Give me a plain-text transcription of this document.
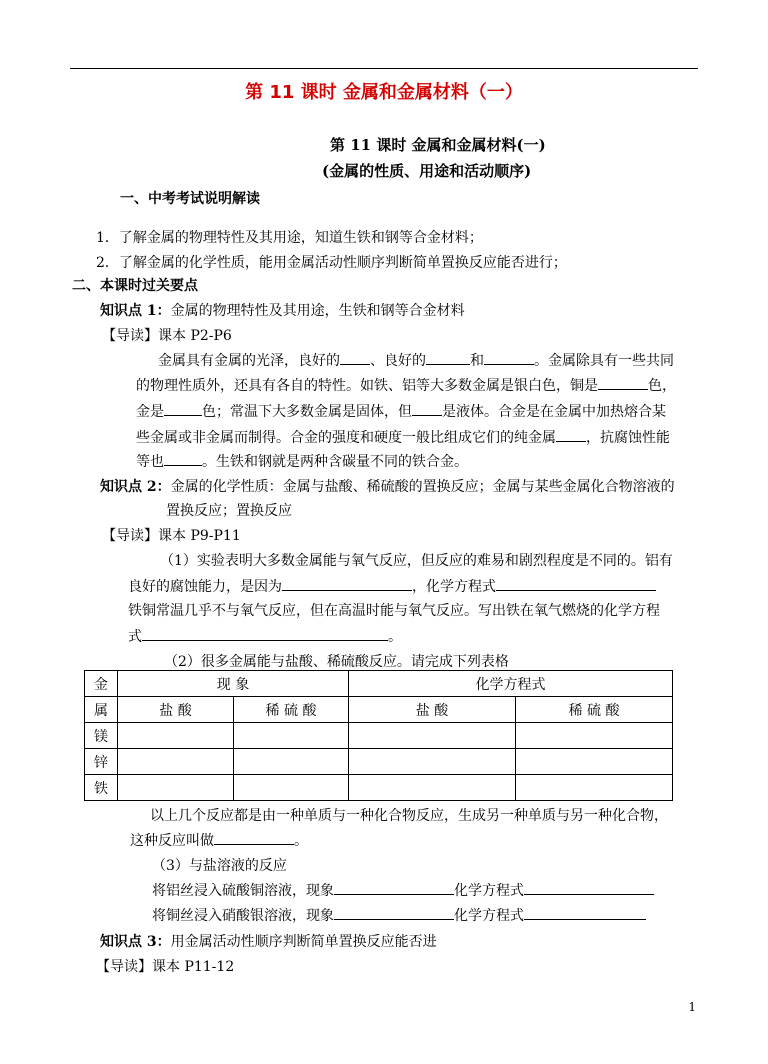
第 11 课时 金属和金属材料（一）
第 11 课时 金属和金属材料(一)
(金属的性质、用途和活动顺序)
一、中考考试说明解读
1．了解金属的物理特性及其用途，知道生铁和钢等合金材料；
2．了解金属的化学性质，能用金属活动性顺序判断简单置换反应能否进行；
二、本课时过关要点
知识点 1：金属的物理特性及其用途，生铁和钢等合金材料
【导读】课本 P2-P6
金属具有金属的光泽，良好的 、良好的	和	。金属除具有一些共同
的物理性质外，还具有各自的特性。如铁、铝等大多数金属是银白色，铜是	色，
金是	色；常温下大多数金属是固体，但 是液体。合金是在金属中加热熔合某
些金属或非金属而制得。合金的强度和硬度一般比组成它们的纯金属 ，抗腐蚀性能
等也	。生铁和钢就是两种含碳量不同的铁合金。
知识点 2：金属的化学性质：金属与盐酸、稀硫酸的置换反应；金属与某些金属化合物溶液的
置换反应；置换反应
【导读】课本 P9-P11
（1）实验表明大多数金属能与氧气反应，但反应的难易和剧烈程度是不同的。铝有
良好的腐蚀能力，是因为	，化学方程式
铁铜常温几乎不与氧气反应，但在高温时能与氧气反应。写出铁在氧气燃烧的化学方程
式	。
（2）很多金属能与盐酸、稀硫酸反应。请完成下列表格
金	现 象		化学方程式	
属	盐 酸	稀 硫 酸	盐 酸	稀 硫 酸
镁				
锌				
铁				
以上几个反应都是由一种单质与一种化合物反应，生成另一种单质与另一种化合物，
这种反应叫做	。
（3）与盐溶液的反应
将铝丝浸入硫酸铜溶液，现象	化学方程式
将铜丝浸入硝酸银溶液，现象	化学方程式
知识点 3：用金属活动性顺序判断简单置换反应能否进
【导读】课本 P11-12
1
